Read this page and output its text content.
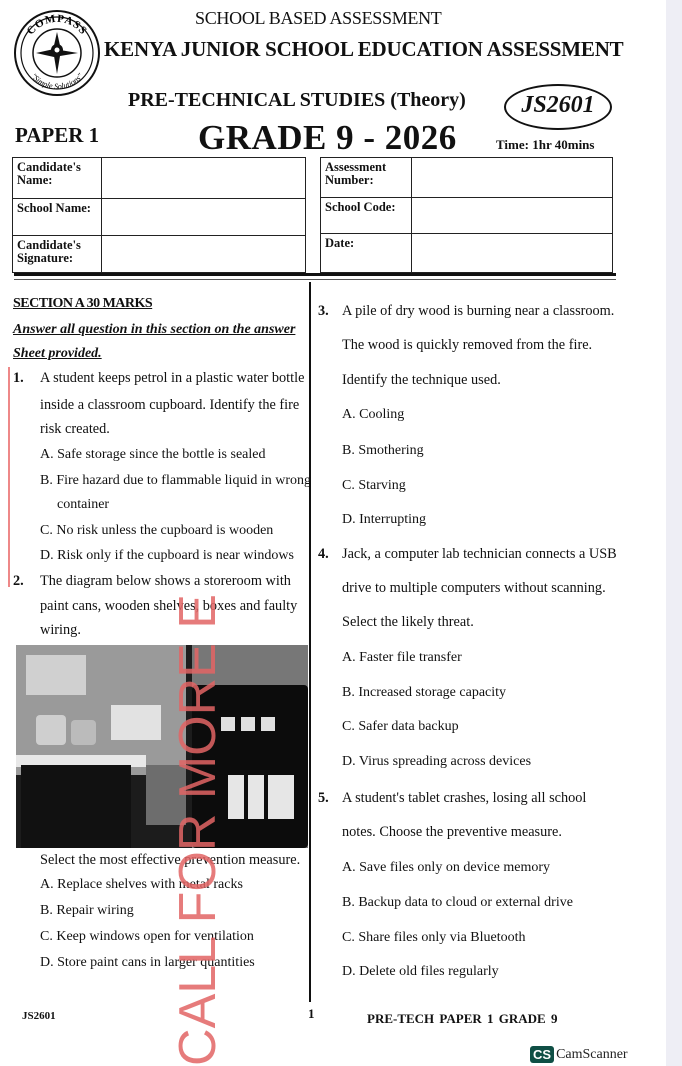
COMPASS
"Simple Solutions"
SCHOOL BASED ASSESSMENT
KENYA JUNIOR SCHOOL EDUCATION ASSESSMENT
PRE-TECHNICAL STUDIES (Theory)	JS2601
PAPER 1	GRADE 9 - 2026	Time: 1hr 40mins
Candidate's Name:	
School Name:	
Candidate's Signature:	
Assessment Number:	
School Code:	
Date:	
SECTION A 30 MARKS
Answer all question in this section on the answer
Sheet provided.
1. A student keeps petrol in a plastic water bottle
inside a classroom cupboard. Identify the fire
risk created.
A. Safe storage since the bottle is sealed
B. Fire hazard due to flammable liquid in wrong
container
C. No risk unless the cupboard is wooden
D. Risk only if the cupboard is near windows
2. The diagram below shows a storeroom with
paint cans, wooden shelves, boxes and faulty
wiring.
Select the most effective prevention measure.
A. Replace shelves with metal racks
B. Repair wiring
C. Keep windows open for ventilation
D. Store paint cans in larger quantities
3. A pile of dry wood is burning near a classroom.
The wood is quickly removed from the fire.
Identify the technique used.
A. Cooling
B. Smothering
C. Starving
D. Interrupting
4. Jack, a computer lab technician connects a USB
drive to multiple computers without scanning.
Select the likely threat.
A. Faster file transfer
B. Increased storage capacity
C. Safer data backup
D. Virus spreading across devices
5. A student's tablet crashes, losing all school
notes. Choose the preventive measure.
A. Save files only on device memory
B. Backup data to cloud or external drive
C. Share files only via Bluetooth
D. Delete old files regularly
CALL FOR MORE E
JS2601	1	PRE-TECH PAPER 1 GRADE 9
CS CamScanner
